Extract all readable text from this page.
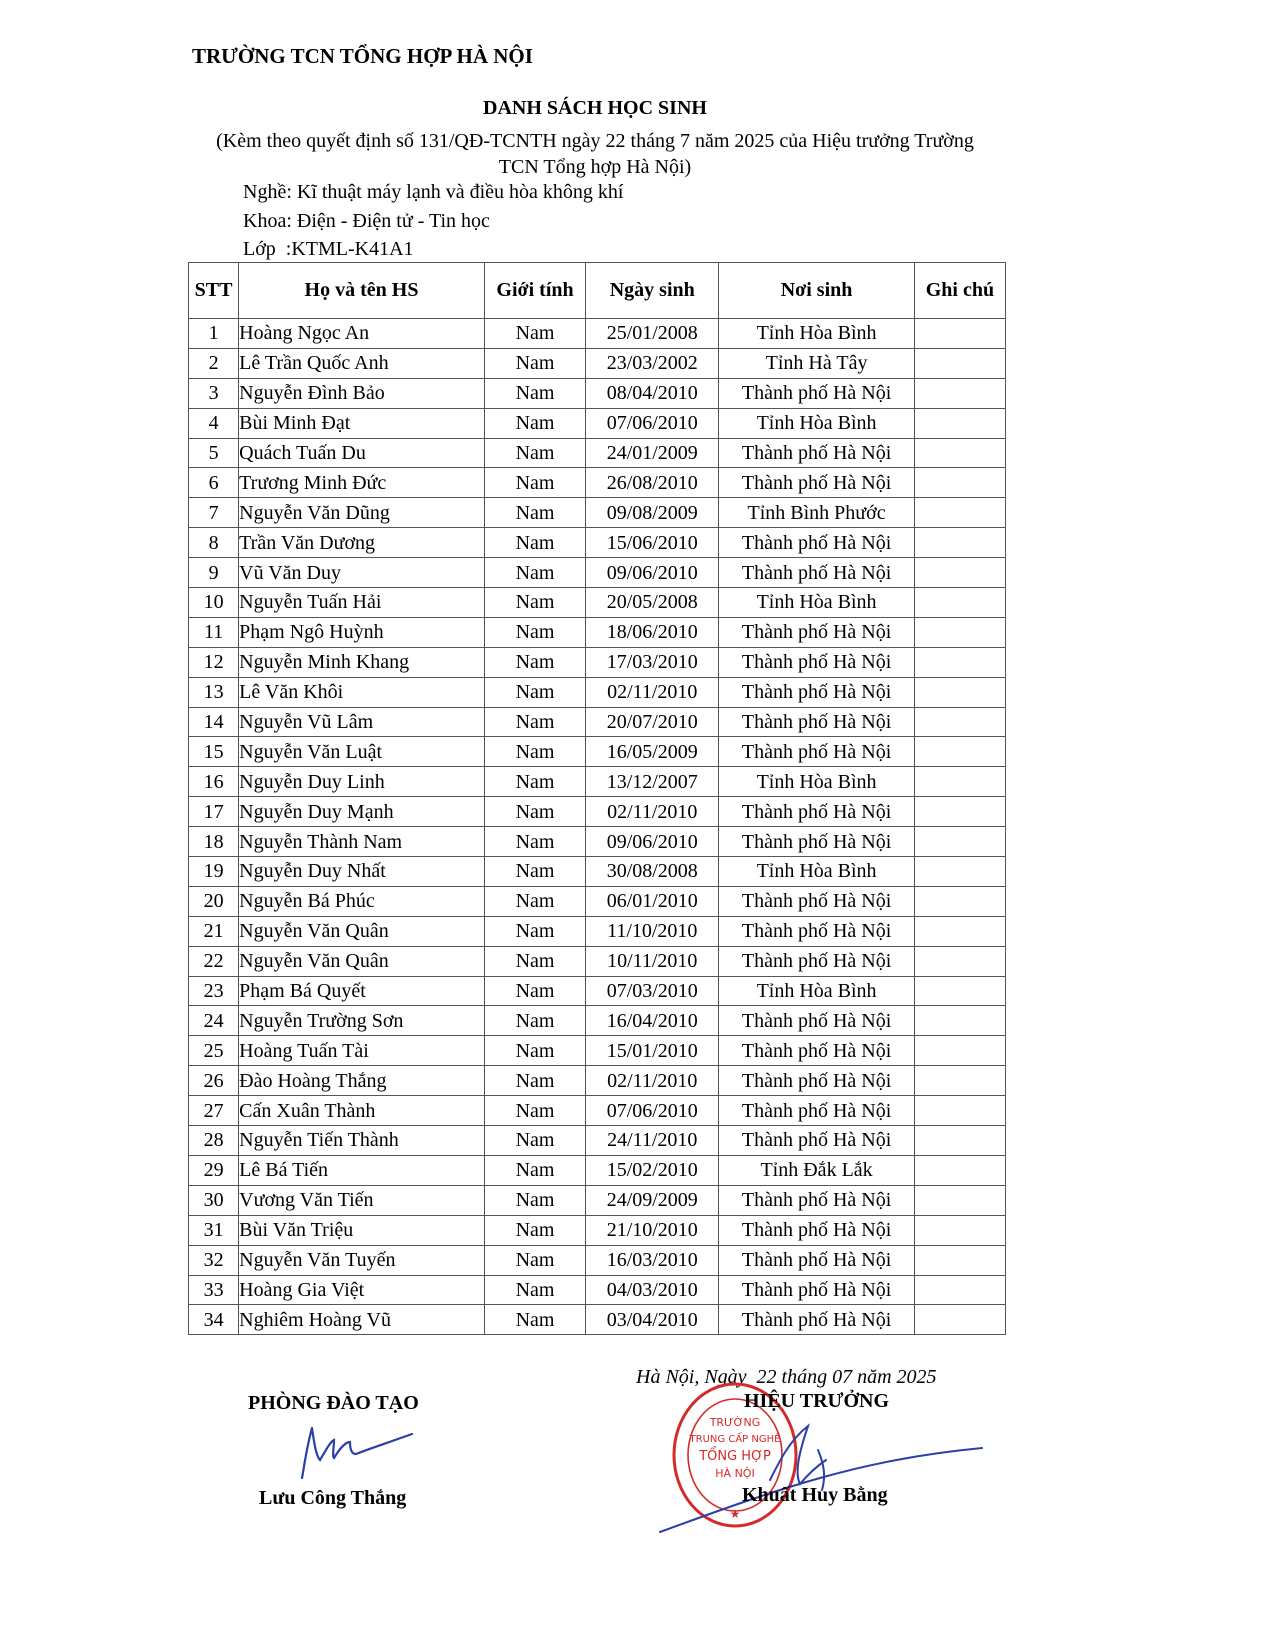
TRƯỜNG TCN TỔNG HỢP HÀ NỘI
DANH SÁCH HỌC SINH
(Kèm theo quyết định số 131/QĐ-TCNTH ngày 22 tháng 7 năm 2025 của Hiệu trưởng Trường
TCN Tổng hợp Hà Nội)
Nghề: Kĩ thuật máy lạnh và điều hòa không khí
Khoa: Điện - Điện tử - Tin học
Lớp  :KTML-K41A1
STT	Họ và tên HS	Giới tính	Ngày sinh	Nơi sinh	Ghi chú
1	Hoàng Ngọc An	Nam	25/01/2008	Tỉnh Hòa Bình	
2	Lê Trần Quốc Anh	Nam	23/03/2002	Tỉnh Hà Tây	
3	Nguyễn Đình Bảo	Nam	08/04/2010	Thành phố Hà Nội	
4	Bùi Minh Đạt	Nam	07/06/2010	Tỉnh Hòa Bình	
5	Quách Tuấn Du	Nam	24/01/2009	Thành phố Hà Nội	
6	Trương Minh Đức	Nam	26/08/2010	Thành phố Hà Nội	
7	Nguyễn Văn Dũng	Nam	09/08/2009	Tỉnh Bình Phước	
8	Trần Văn Dương	Nam	15/06/2010	Thành phố Hà Nội	
9	Vũ Văn Duy	Nam	09/06/2010	Thành phố Hà Nội	
10	Nguyễn Tuấn Hải	Nam	20/05/2008	Tỉnh Hòa Bình	
11	Phạm Ngô Huỳnh	Nam	18/06/2010	Thành phố Hà Nội	
12	Nguyễn Minh Khang	Nam	17/03/2010	Thành phố Hà Nội	
13	Lê Văn Khôi	Nam	02/11/2010	Thành phố Hà Nội	
14	Nguyễn Vũ Lâm	Nam	20/07/2010	Thành phố Hà Nội	
15	Nguyễn Văn Luật	Nam	16/05/2009	Thành phố Hà Nội	
16	Nguyễn Duy Linh	Nam	13/12/2007	Tỉnh Hòa Bình	
17	Nguyễn Duy Mạnh	Nam	02/11/2010	Thành phố Hà Nội	
18	Nguyễn Thành Nam	Nam	09/06/2010	Thành phố Hà Nội	
19	Nguyễn Duy Nhất	Nam	30/08/2008	Tỉnh Hòa Bình	
20	Nguyễn Bá Phúc	Nam	06/01/2010	Thành phố Hà Nội	
21	Nguyễn Văn Quân	Nam	11/10/2010	Thành phố Hà Nội	
22	Nguyễn Văn Quân	Nam	10/11/2010	Thành phố Hà Nội	
23	Phạm Bá Quyết	Nam	07/03/2010	Tỉnh Hòa Bình	
24	Nguyễn Trường Sơn	Nam	16/04/2010	Thành phố Hà Nội	
25	Hoàng Tuấn Tài	Nam	15/01/2010	Thành phố Hà Nội	
26	Đào Hoàng Thắng	Nam	02/11/2010	Thành phố Hà Nội	
27	Cấn Xuân Thành	Nam	07/06/2010	Thành phố Hà Nội	
28	Nguyễn Tiến Thành	Nam	24/11/2010	Thành phố Hà Nội	
29	Lê Bá Tiến	Nam	15/02/2010	Tỉnh Đắk Lắk	
30	Vương Văn Tiến	Nam	24/09/2009	Thành phố Hà Nội	
31	Bùi Văn Triệu	Nam	21/10/2010	Thành phố Hà Nội	
32	Nguyễn Văn Tuyến	Nam	16/03/2010	Thành phố Hà Nội	
33	Hoàng Gia Việt	Nam	04/03/2010	Thành phố Hà Nội	
34	Nghiêm Hoàng Vũ	Nam	03/04/2010	Thành phố Hà Nội	
Hà Nội, Ngày  22 tháng 07 năm 2025
PHÒNG ĐÀO TẠO
★
TRƯỜNG
TRUNG CẤP NGHỀ
TỔNG HỢP
HÀ NỘI
HIỆU TRƯỞNG
Lưu Công Thắng	Khuất Huy Bằng
